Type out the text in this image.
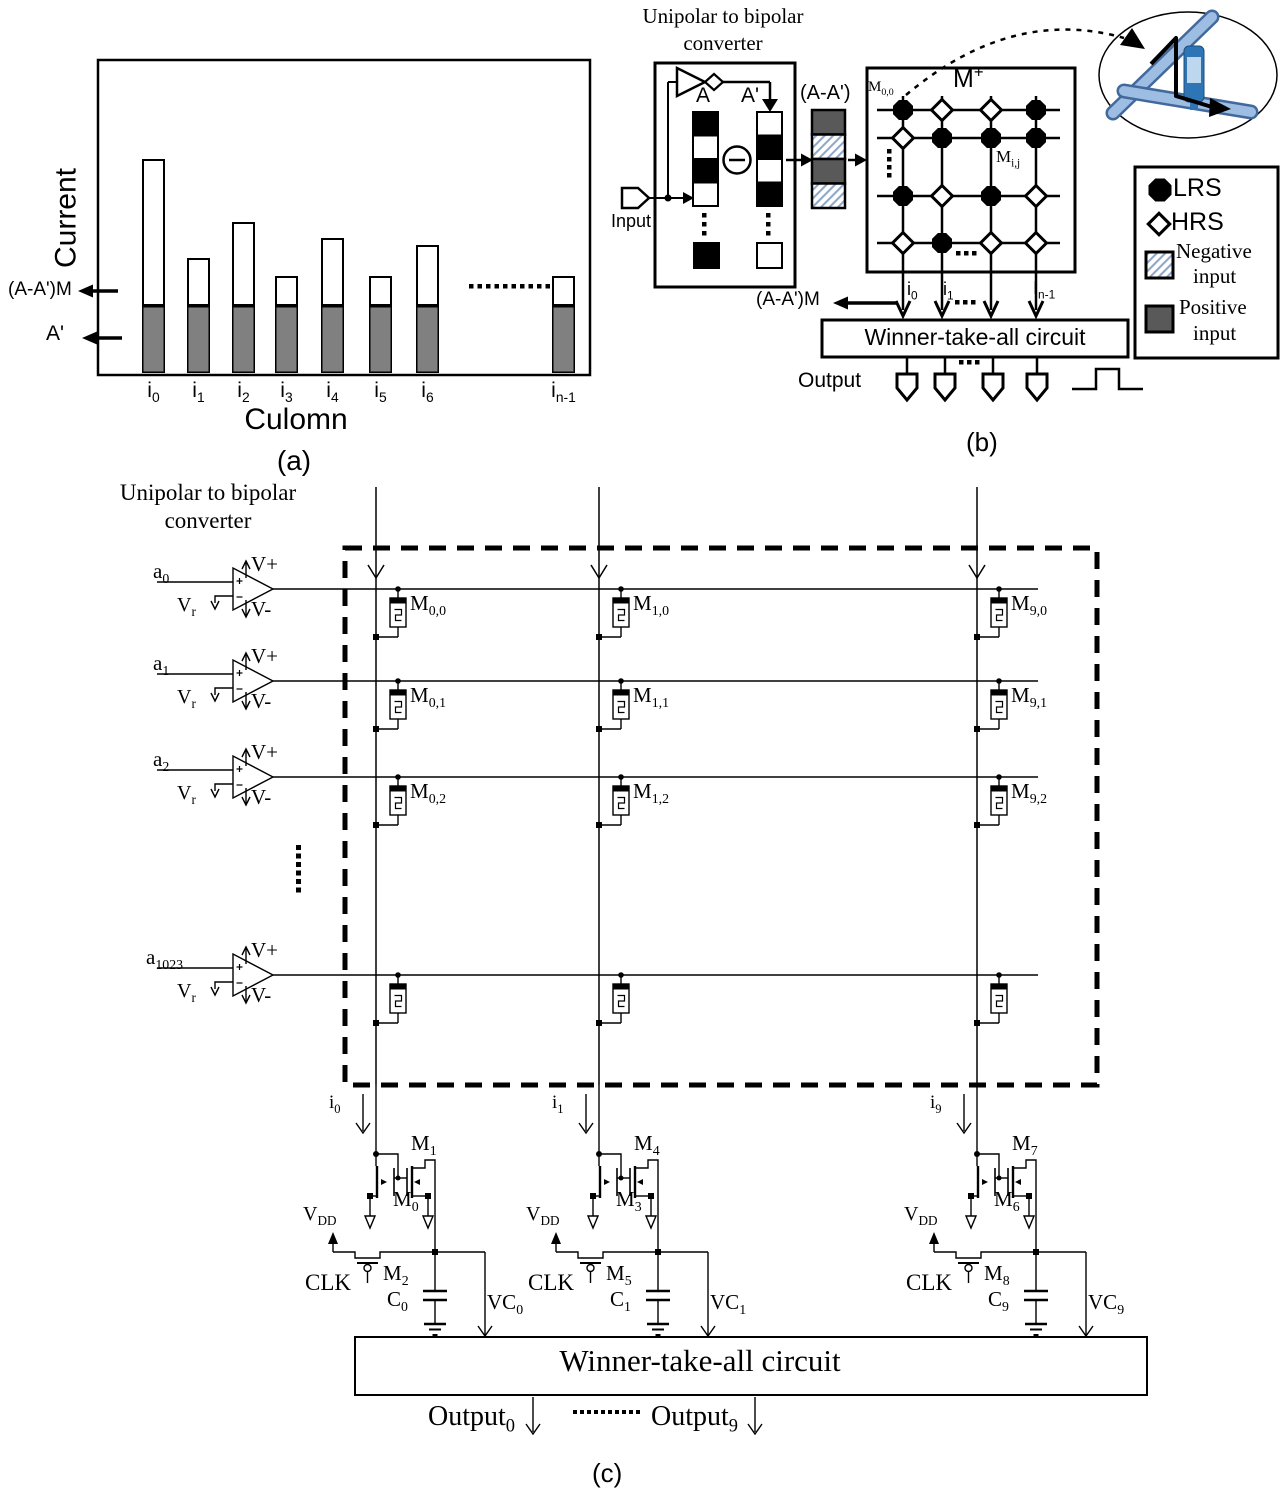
Current
(A-A')M
A'
Culomn
(a)
Unipolar to bipolar
converter
Input
A A' (A-A')	M+
$M_{0,0}$
$M_{i,j}$
$i_0$ $i_1$	$I_{n-1}$
(A-A')M
Winner-take-all circuit
Output
(b)
LRS
HRS
Negative
input
Positive
input
Unipolar to bipolar
converter
Winner-take-all circuit
Output$_0$	Output$_9$
(c)
$i_0$ $i_1$ $i_2$ $i_3$ $i_4$ $i_5$ $i_6$	$i_{n-1}$
$a_0$
$V_r$
V+
V-
$a_1$
$V_r$
V+
V-
$a_2$
$V_r$
V+
V-
$a_{1023}$
$V_r$
V+
V-
$M_{0,0}$
$M_{0,1}$
$M_{0,2}$
$M_{1,0}$
$M_{1,1}$
$M_{1,2}$
$M_{9,0}$
$M_{9,1}$
$M_{9,2}$
$i_0$
$M_1$
$M_0$
$V_{DD}$
CLK $M_2$
$C_0$	$VC_0$
$i_1$
$M_4$
$M_3$
$V_{DD}$
CLK $M_5$
$C_1$	$VC_1$
$i_9$
$M_7$
$M_6$
$V_{DD}$
CLK $M_8$
$C_9$	$VC_9$
